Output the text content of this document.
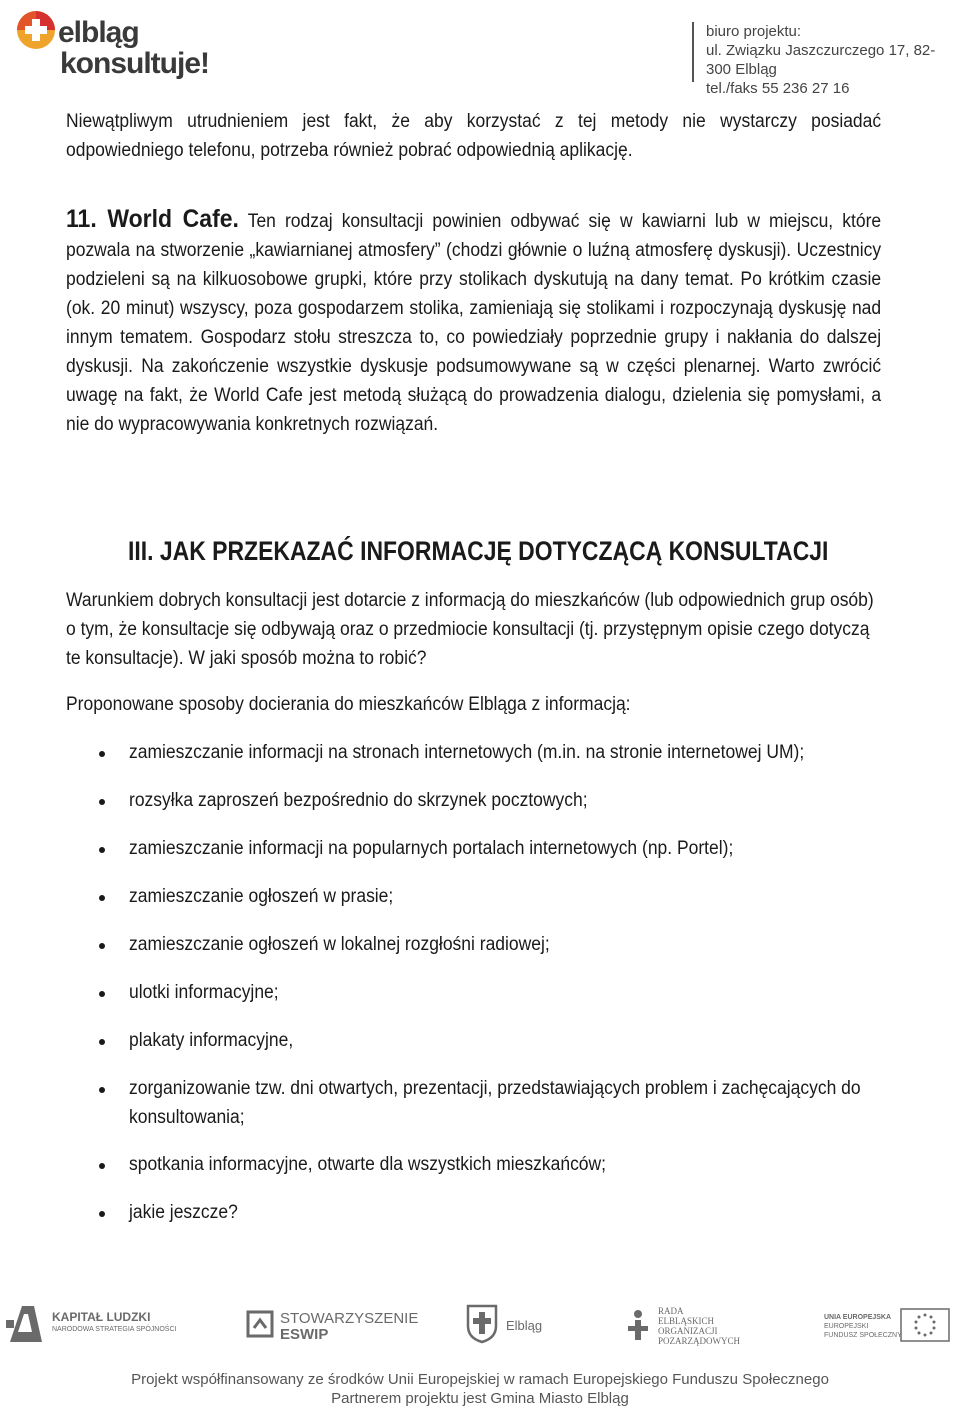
elbląg
konsultuje!
biuro projektu:
ul. Związku Jaszczurczego 17, 82-300 Elbląg
tel./faks 55 236 27 16
Niewątpliwym utrudnieniem jest fakt, że aby korzystać z tej metody nie wystarczy posiadać odpowiedniego telefonu, potrzeba również pobrać odpowiednią aplikację.
11. World Cafe. Ten rodzaj konsultacji powinien odbywać się w kawiarni lub w miejscu, które pozwala na stworzenie „kawiarnianej atmosfery” (chodzi głównie o luźną atmosferę dyskusji). Uczestnicy podzieleni są na kilkuosobowe grupki, które przy stolikach dyskutują na dany temat. Po krótkim czasie (ok. 20 minut) wszyscy, poza gospodarzem stolika, zamieniają się stolikami i rozpoczynają dyskusję nad innym tematem. Gospodarz stołu streszcza to, co powiedziały poprzednie grupy i nakłania do dalszej dyskusji. Na zakończenie wszystkie dyskusje podsumowywane są w części plenarnej. Warto zwrócić uwagę na fakt, że World Cafe jest metodą służącą do prowadzenia dialogu, dzielenia się pomysłami, a nie do wypracowywania konkretnych rozwiązań.
III. JAK PRZEKAZAĆ INFORMACJĘ DOTYCZĄCĄ KONSULTACJI
Warunkiem dobrych konsultacji jest dotarcie z informacją do mieszkańców (lub odpowiednich grup osób) o tym, że konsultacje się odbywają oraz o przedmiocie konsultacji (tj. przystępnym opisie czego dotyczą te konsultacje). W jaki sposób można to robić?
Proponowane sposoby docierania do mieszkańców Elbląga z informacją:
zamieszczanie informacji na stronach internetowych (m.in. na stronie internetowej UM);
rozsyłka zaproszeń bezpośrednio do skrzynek pocztowych;
zamieszczanie informacji na popularnych portalach internetowych (np. Portel);
zamieszczanie ogłoszeń w prasie;
zamieszczanie ogłoszeń w lokalnej rozgłośni radiowej;
ulotki informacyjne;
plakaty informacyjne,
zorganizowanie tzw. dni otwartych, prezentacji, przedstawiających problem i zachęcających do konsultowania;
spotkania informacyjne, otwarte dla wszystkich mieszkańców;
jakie jeszcze?
KAPITAŁ LUDZKI
NARODOWA STRATEGIA SPÓJNOŚCI
STOWARZYSZENIE
ESWIP
Elbląg
RADA
ELBLĄSKICH
ORGANIZACJI
POZARZĄDOWYCH
UNIA EUROPEJSKA
EUROPEJSKI
FUNDUSZ SPOŁECZNY
Projekt współfinansowany ze środków Unii Europejskiej w ramach Europejskiego Funduszu Społecznego
Partnerem projektu jest Gmina Miasto Elbląg
